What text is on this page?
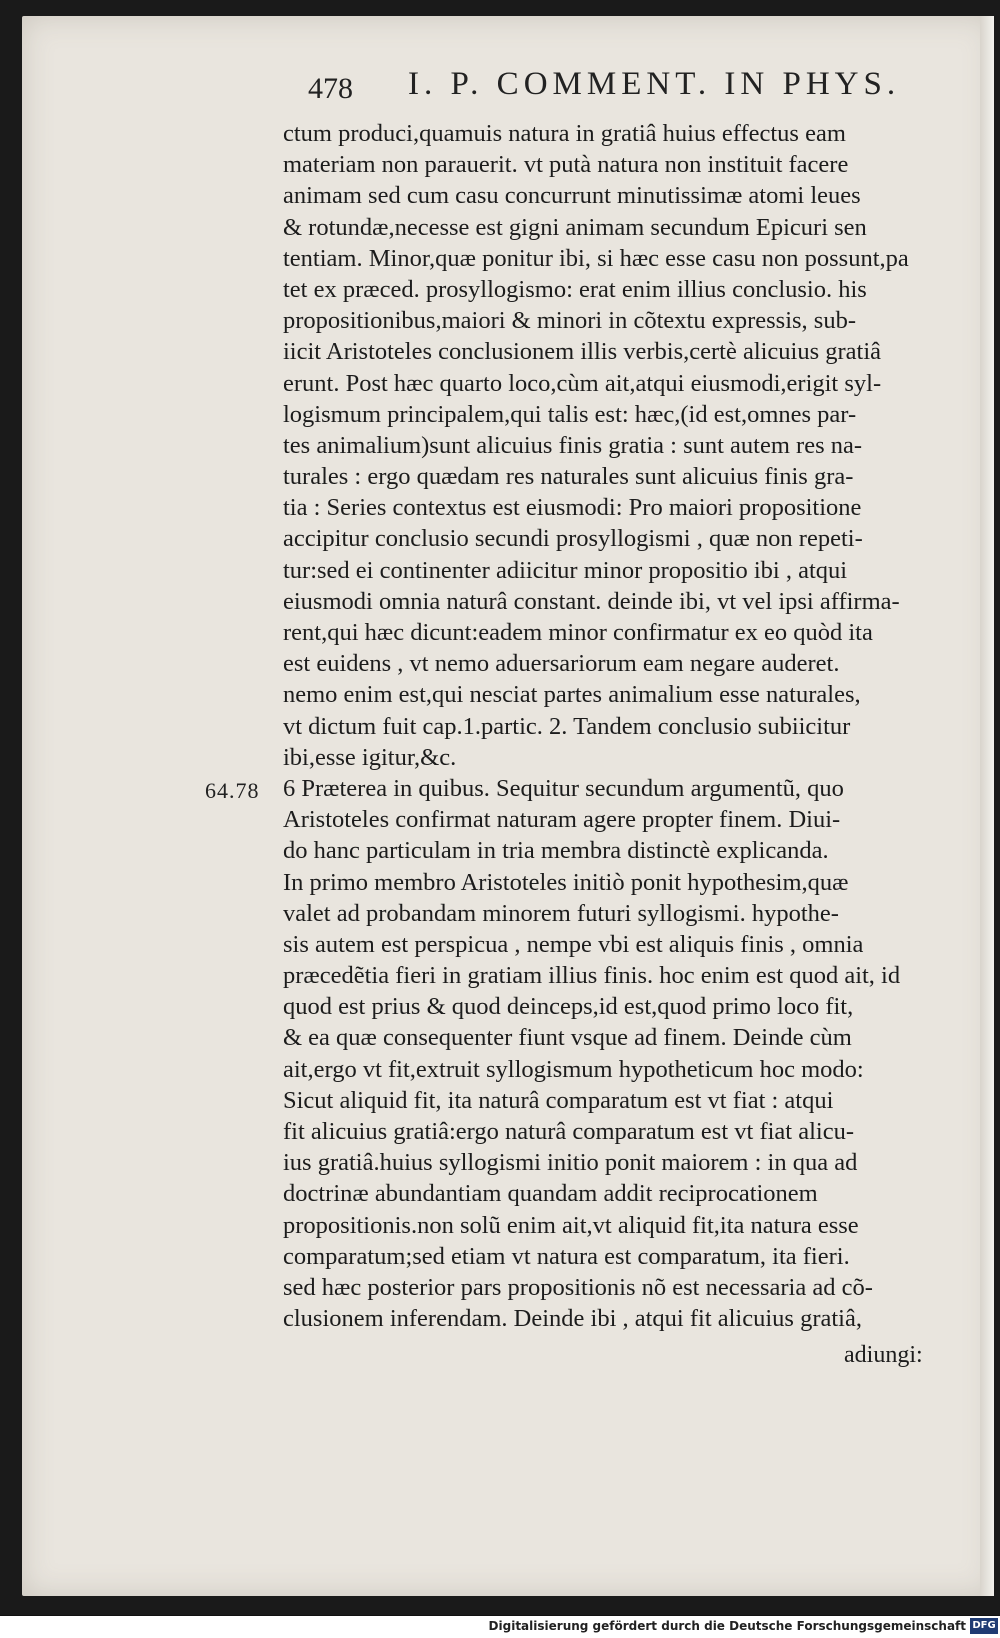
478 I. P. COMMENT. IN PHYS.
64.78
ctum produci,quamuis natura in gratiâ huius effectus eam
materiam non parauerit. vt putà natura non instituit facere
animam sed cum casu concurrunt minutissimæ atomi leues
& rotundæ,necesse est gigni animam secundum Epicuri sen
tentiam. Minor,quæ ponitur ibi, si hæc esse casu non possunt,pa
tet ex præced. prosyllogismo: erat enim illius conclusio. his
propositionibus,maiori & minori in cõtextu expressis, sub-
iicit Aristoteles conclusionem illis verbis,certè alicuius gratiâ
erunt. Post hæc quarto loco,cùm ait,atqui eiusmodi,erigit syl-
logismum principalem,qui talis est: hæc,(id est,omnes par-
tes animalium)sunt alicuius finis gratia : sunt autem res na-
turales : ergo quædam res naturales sunt alicuius finis gra-
tia : Series contextus est eiusmodi: Pro maiori propositione
accipitur conclusio secundi prosyllogismi , quæ non repeti-
tur:sed ei continenter adiicitur minor propositio ibi , atqui
eiusmodi omnia naturâ constant. deinde ibi, vt vel ipsi affirma-
rent,qui hæc dicunt:eadem minor confirmatur ex eo quòd ita
est euidens , vt nemo aduersariorum eam negare auderet.
nemo enim est,qui nesciat partes animalium esse naturales,
vt dictum fuit cap.1.partic. 2. Tandem conclusio subiicitur
ibi,esse igitur,&c.
6 Præterea in quibus. Sequitur secundum argumentũ, quo
Aristoteles confirmat naturam agere propter finem. Diui-
do hanc particulam in tria membra distinctè explicanda.
In primo membro Aristoteles initiò ponit hypothesim,quæ
valet ad probandam minorem futuri syllogismi. hypothe-
sis autem est perspicua , nempe vbi est aliquis finis , omnia
præcedẽtia fieri in gratiam illius finis. hoc enim est quod ait, id
quod est prius & quod deinceps,id est,quod primo loco fit,
& ea quæ consequenter fiunt vsque ad finem. Deinde cùm
ait,ergo vt fit,extruit syllogismum hypotheticum hoc modo:
Sicut aliquid fit, ita naturâ comparatum est vt fiat : atqui
fit alicuius gratiâ:ergo naturâ comparatum est vt fiat alicu-
ius gratiâ.huius syllogismi initio ponit maiorem : in qua ad
doctrinæ abundantiam quandam addit reciprocationem
propositionis.non solũ enim ait,vt aliquid fit,ita natura esse
comparatum;sed etiam vt natura est comparatum, ita fieri.
sed hæc posterior pars propositionis nõ est necessaria ad cõ-
clusionem inferendam. Deinde ibi , atqui fit alicuius gratiâ,
adiungi:
Digitalisierung gefördert durch die Deutsche Forschungsgemeinschaft DFG
